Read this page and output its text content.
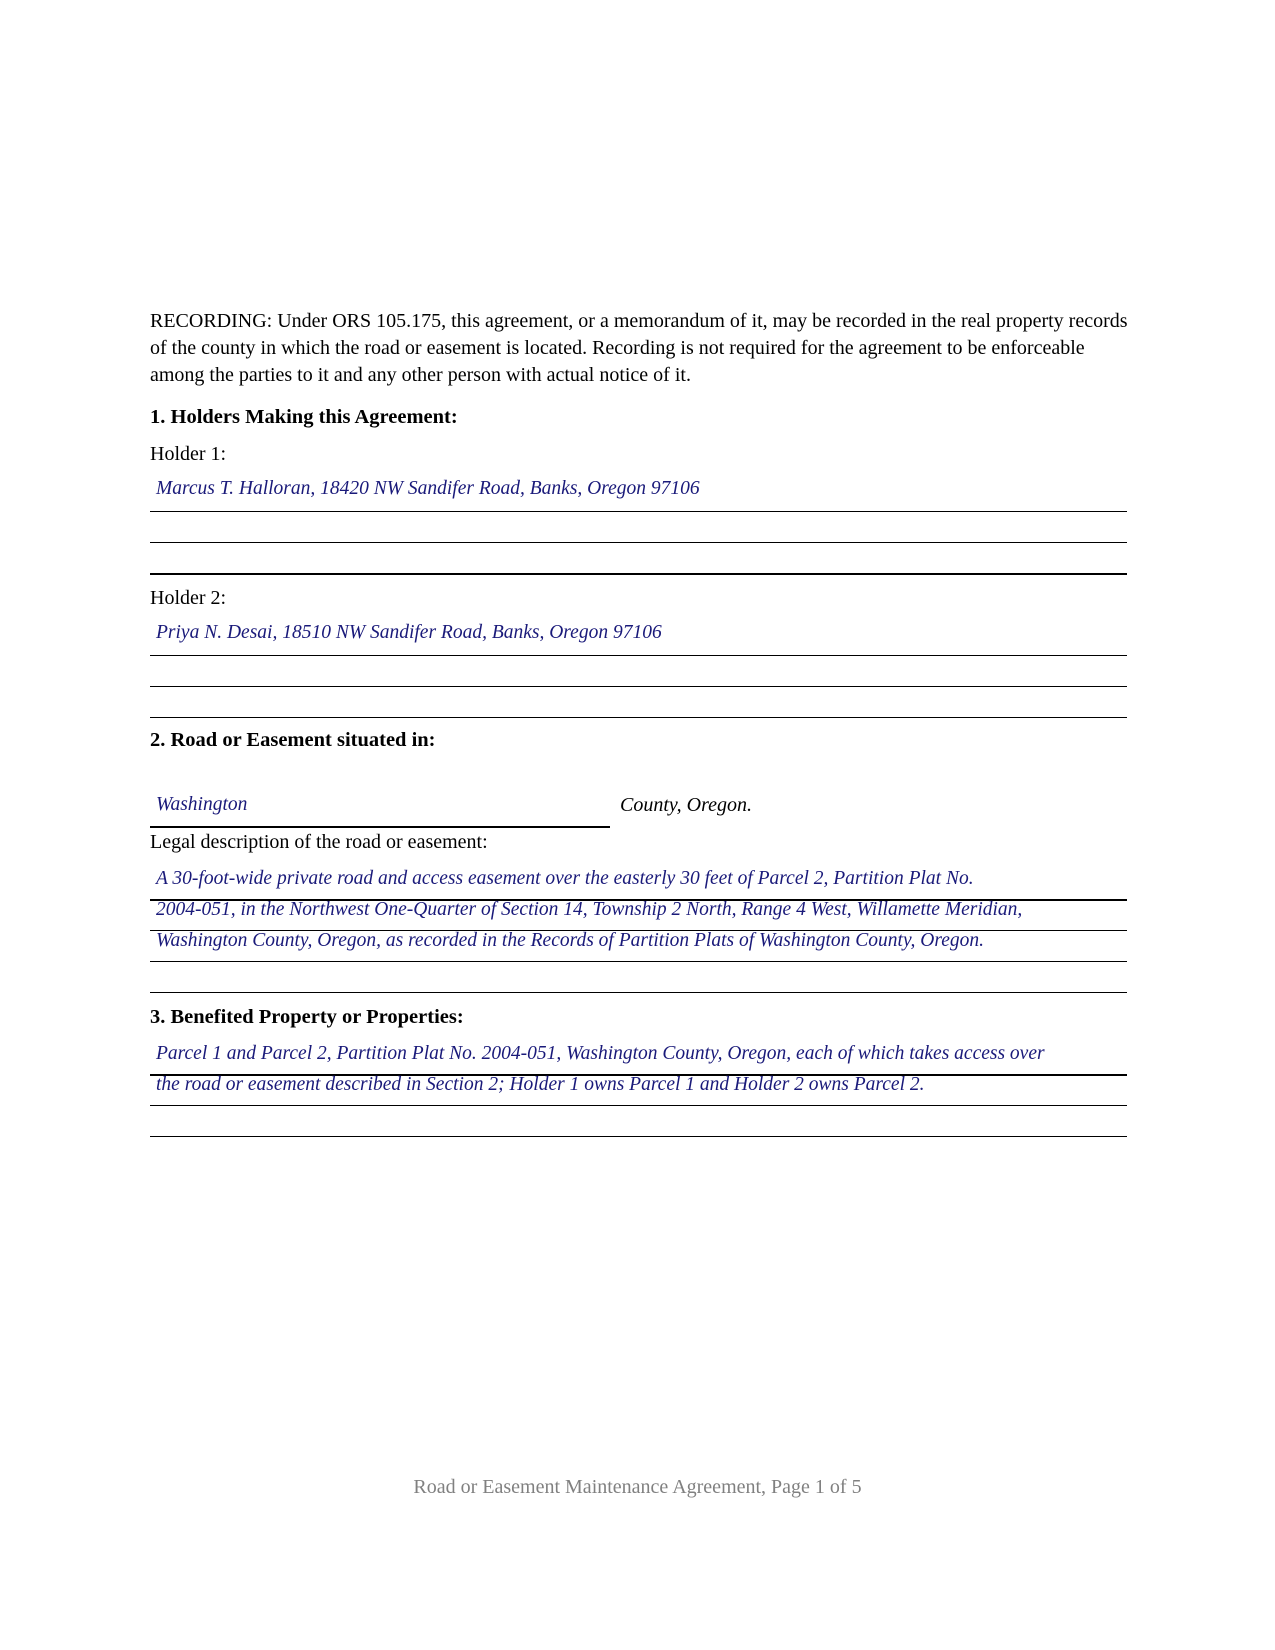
RECORDING: Under ORS 105.175, this agreement, or a memorandum of it, may be recorded in the real property records of the county in which the road or easement is located. Recording is not required for the agreement to be enforceable among the parties to it and any other person with actual notice of it.

1. Holders Making this Agreement:
Holder 1:
Marcus T. Halloran, 18420 NW Sandifer Road, Banks, Oregon 97106
Holder 2:
Priya N. Desai, 18510 NW Sandifer Road, Banks, Oregon 97106
2. Road or Easement situated in:
Washington	County, Oregon.
Legal description of the road or easement:
A 30-foot-wide private road and access easement over the easterly 30 feet of Parcel 2, Partition Plat No.
2004-051, in the Northwest One-Quarter of Section 14, Township 2 North, Range 4 West, Willamette Meridian,
Washington County, Oregon, as recorded in the Records of Partition Plats of Washington County, Oregon.
3. Benefited Property or Properties:
Parcel 1 and Parcel 2, Partition Plat No. 2004-051, Washington County, Oregon, each of which takes access over
the road or easement described in Section 2; Holder 1 owns Parcel 1 and Holder 2 owns Parcel 2.
Road or Easement Maintenance Agreement, Page 1 of 5
